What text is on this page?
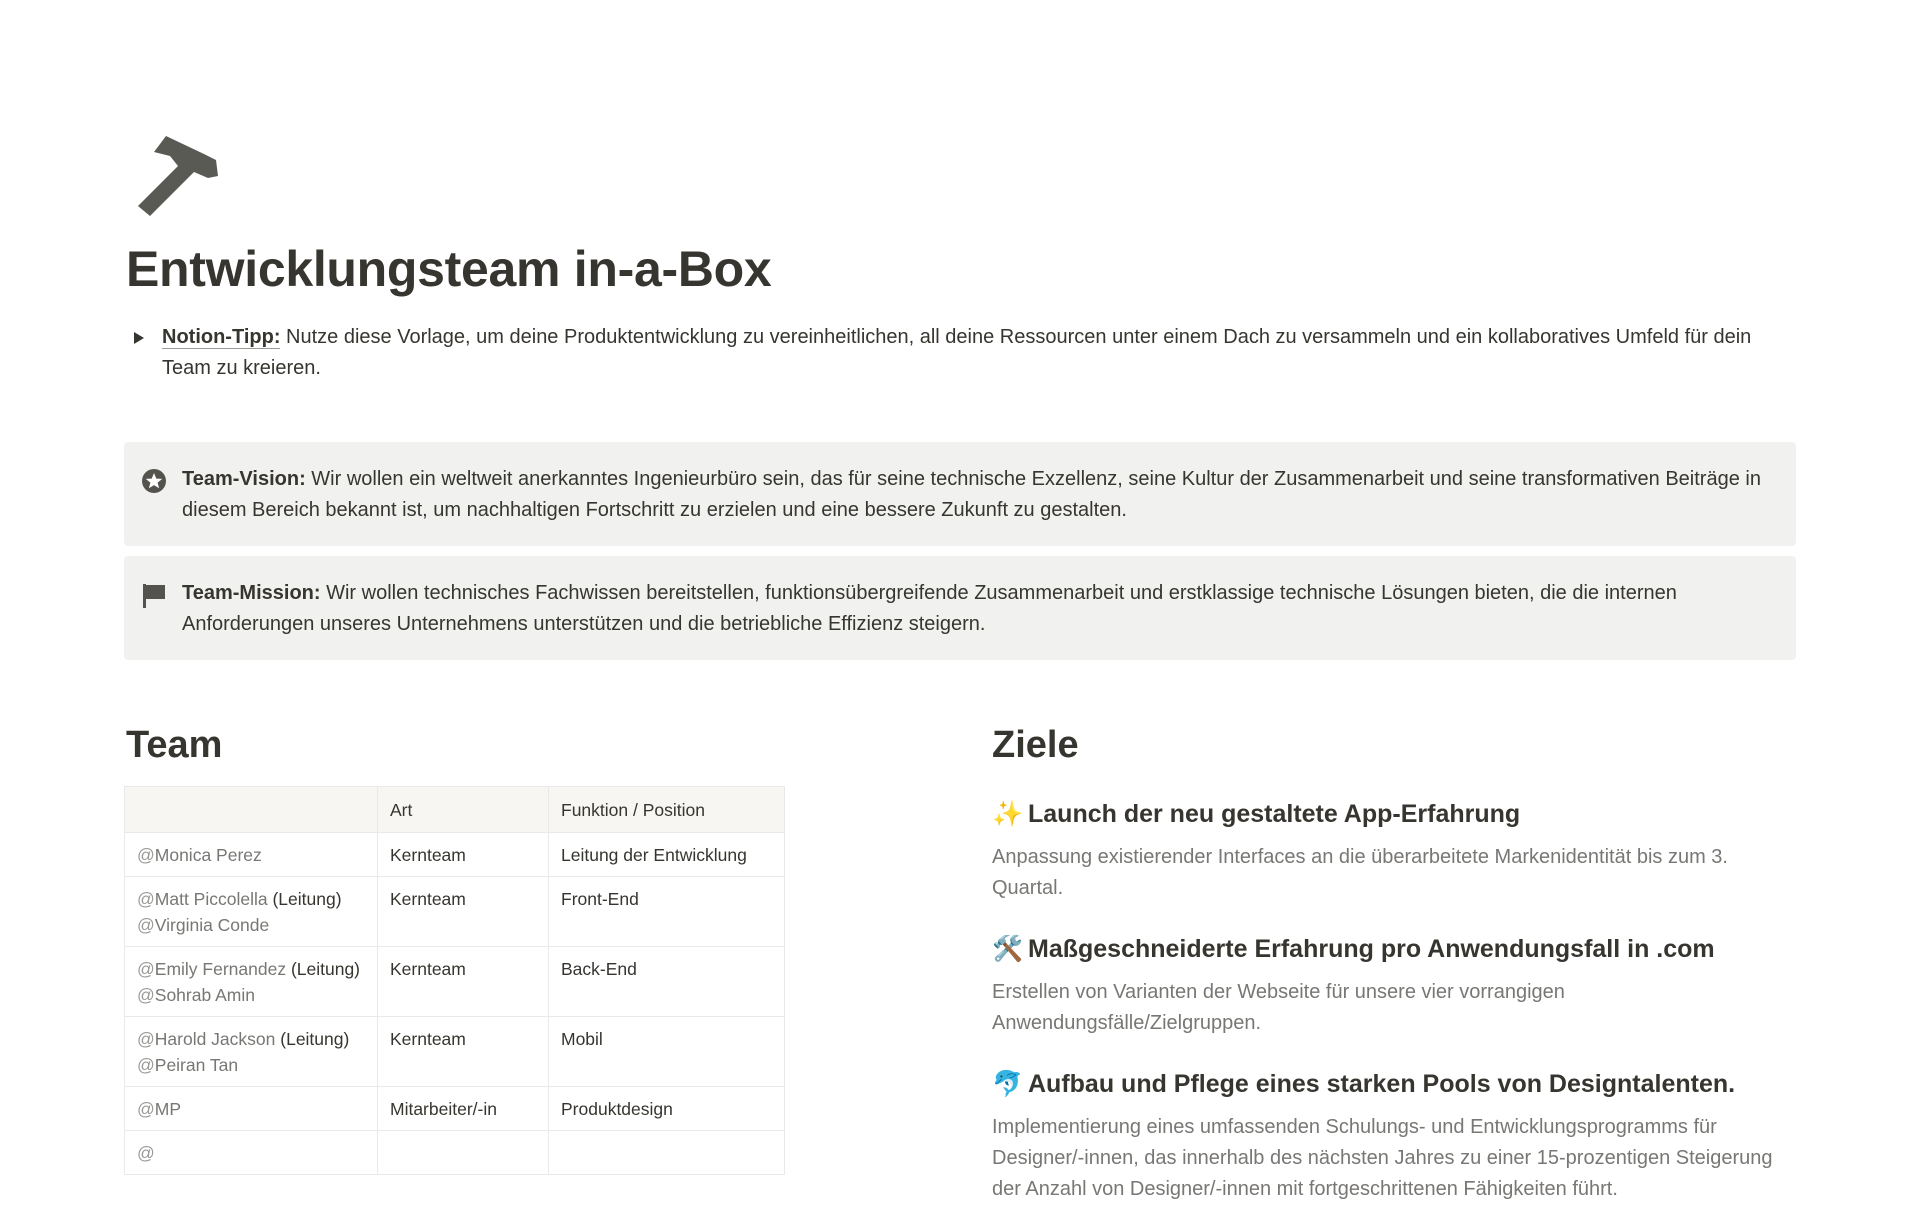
Entwicklungsteam in-a-Box
Notion-Tipp: Nutze diese Vorlage, um deine Produktentwicklung zu vereinheitlichen, all deine Ressourcen unter einem Dach zu versammeln und ein kollaboratives Umfeld für dein Team zu kreieren.
Team-Vision: Wir wollen ein weltweit anerkanntes Ingenieurbüro sein, das für seine technische Exzellenz, seine Kultur der Zusammenarbeit und seine transformativen Beiträge in diesem Bereich bekannt ist, um nachhaltigen Fortschritt zu erzielen und eine bessere Zukunft zu gestalten.
Team-Mission: Wir wollen technisches Fachwissen bereitstellen, funktionsübergreifende Zusammenarbeit und erstklassige technische Lösungen bieten, die die internen Anforderungen unseres Unternehmens unterstützen und die betriebliche Effizienz steigern.
Team
	Art	Funktion / Position

@Monica Perez	Kernteam	Leitung der Entwicklung

@Matt Piccolella (Leitung)
@Virginia Conde	Kernteam	Front-End

@Emily Fernandez (Leitung)
@Sohrab Amin	Kernteam	Back-End

@Harold Jackson (Leitung)
@Peiran Tan	Kernteam	Mobil

@MP	Mitarbeiter/-in	Produktdesign

@		

Ziele
✨ Launch der neu gestaltete App-Erfahrung

Anpassung existierender Interfaces an die überarbeitete Markenidentität bis zum 3. Quartal.

🛠️ Maßgeschneiderte Erfahrung pro Anwendungsfall in .com

Erstellen von Varianten der Webseite für unsere vier vorrangigen Anwendungsfälle/Zielgruppen.

🐬 Aufbau und Pflege eines starken Pools von Designtalenten.

Implementierung eines umfassenden Schulungs- und Entwicklungsprogramms für Designer/-innen, das innerhalb des nächsten Jahres zu einer 15-prozentigen Steigerung der Anzahl von Designer/-innen mit fortgeschrittenen Fähigkeiten führt.
